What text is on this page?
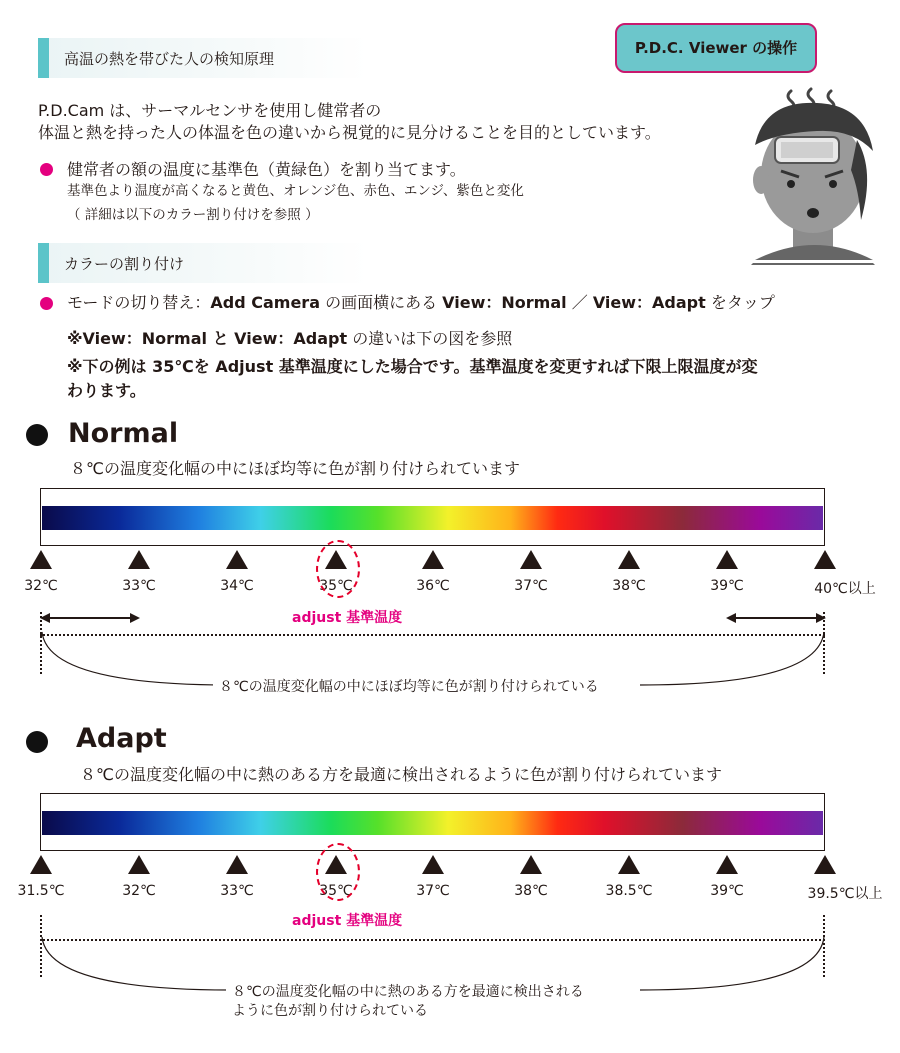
P.D.C. Viewer の操作
高温の熱を帯びた人の検知原理
P.D.Cam は、サーマルセンサを使用し健常者の
体温と熱を持った人の体温を色の違いから視覚的に見分けることを目的としています。
健常者の額の温度に基準色（黄緑色）を割り当てます。
基準色より温度が高くなると黄色、オレンジ色、赤色、エンジ、紫色と変化
（ 詳細は以下のカラー割り付けを参照 ）
カラーの割り付け
モードの切り替え：Add Camera の画面横にある View：Normal ／ View：Adapt をタップ
※View：Normal と View：Adapt の違いは下の図を参照
※下の例は 35℃を Adjust 基準温度にした場合です。基準温度を変更すれば下限上限温度が変
わります。
Normal
８℃の温度変化幅の中にほぼ均等に色が割り付けられています
32℃	33℃	34℃	35℃	36℃	37℃	38℃	39℃	40℃以上
adjust 基準温度
８℃の温度変化幅の中にほぼ均等に色が割り付けられている
Adapt
８℃の温度変化幅の中に熱のある方を最適に検出されるように色が割り付けられています
31.5℃	32℃	33℃	35℃	37℃	38℃	38.5℃	39℃	39.5℃以上
adjust 基準温度
８℃の温度変化幅の中に熱のある方を最適に検出される
ように色が割り付けられている
